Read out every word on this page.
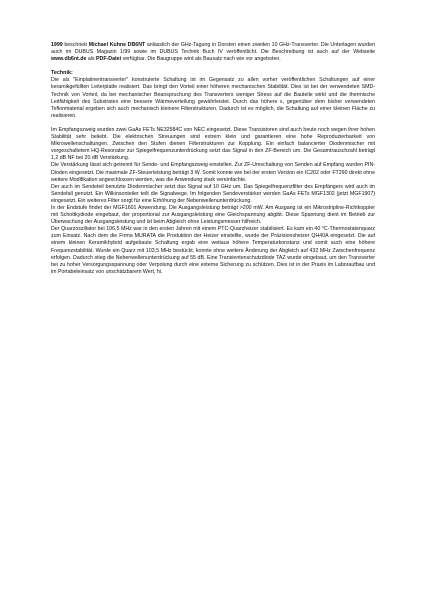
1999 beschrieb Michael Kuhne DB6NT anlässlich der GHz-Tagung in Dorsten einen zweiten 10 GHz-Transverter. Die Unterlagen wurden auch im DUBUS Magazin 1/99 sowie im DUBUS Technik Buch IV veröffentlicht. Die Beschreibung ist auch auf der Webseite www.db6nt.de als PDF-Datei verfügbar. Die Baugruppe wird als Bausatz nach wie vor angeboten.

Technik:

Die als "Einplatinentransverter" konstruierte Schaltung ist im Gegensatz zu allen vorher veröffentlichen Schaltungen auf einer keramikgefüllten Leiterplatte realisiert. Das bringt den Vorteil einer höheren mechanischen Stabilität. Dies ist bei der verwendeten SMD-Technik von Vorteil, da bei mechanischer Beanspruchung des Transverters weniger Stress auf die Bauteile wirkt und die thermische Leitfähigkeit des Substrates eine bessere Wärmeverteilung gewährleistet. Durch das höhere ε, gegenüber dem bisher verwendeten Teflonmaterial ergeben sich auch mechanisch kleinere Filterstrukturen. Dadurch ist es möglich, die Schaltung auf einer kleinen Fläche zu realisieren.

Im Empfangszweig wurden zwei GaAs FETs NE32584C von NEC eingesetzt. Diese Transistoren sind auch heute noch wegen ihrer hohen Stabilität sehr beliebt. Die elektrischen Streuungen sind extrem klein und garantieren eine hohe Reproduzierbarkeit von Mikrowellenschaltungen. Zwischen den Stufen dienen Filterstrukturen zur Kopplung. Ein einfach balancierter Diodenmischer mit vorgeschaltetem HQ-Resonator zur Spiegelfrequenzunterdrückung setzt das Signal in den ZF-Bereich um. Die Gesamtrauschzahl beträgt 1,2 dB NF bei 20 dB Verstärkung.

Die Verstärkung lässt sich getrennt für Sende- und Empfangszweig einstellen. Zur ZF-Umschaltung von Senden auf Empfang wurden PIN-Dioden eingesetzt. Die maximale ZF-Steuerleistung beträgt 3 W. Somit konnte wie bei der ersten Version ein IC202 oder FT290 direkt ohne weitere Modifikation angeschlossen werden, was die Anwendung stark vereinfachte.

Der auch im Sendeteil benutzte Diodenmischer setzt das Signal auf 10 GHz um. Das Spiegelfrequenzfilter des Empfängers wird auch im Sendefall genutzt. Ein Wilkinsonteiler teilt die Signalwege. Im folgenden Sendeverstärker werden GaAs FETs MGF1302 (jetzt MGF1907) eingesetzt. Ein weiteres Filter sorgt für eine Erhöhung der Nebenwellenunterdrückung.

In der Endstufe findet der MGF1601 Anwendung. Die Ausgangsleistung beträgt >200 mW. Am Ausgang ist ein Mikrostripline-Richtkoppler mit Schottkydiode eingebaut, der proportional zur Ausgangsleistung eine Gleichspannung abgibt. Diese Spannung dient im Betrieb zur Überwachung der Ausgangsleistung und ist beim Abgleich ohne Leistungsmesser hilfreich.

Der Quarzoszillator bei 106,5 MHz war in den ersten Jahren mit einem PTC-Quarzheizer stabilisiert. Es kam ein 40 °C-Thermostatenquarz zum Einsatz. Nach dem die Firma MURATA die Produktion der Heizer einstellte, wurde der Präzisionsheizer QH40A eingesetzt. Die auf einem kleinen Keramikhybrid aufgebaute Schaltung ergab eine weitaus höhere Temperaturkonstanz und somit auch eine höhere Frequenzstabilität. Wurde ein Quarz mit 103,5 MHz bestückt, konnte ohne weitere Änderung der Abgleich auf 432 MHz Zwischenfrequenz erfolgen. Dadurch stieg die Nebenwellenunterdrückung auf 55 dB. Eine Transientenschutzdiode TAZ wurde eingebaut, um den Transverter bei zu hoher Versorgungsspannung oder Verpolung durch eine externe Sicherung zu schützen. Dies ist in der Praxis im Laboraufbau und im Portabeleinsatz von unschätzbarem Wert, hi.
